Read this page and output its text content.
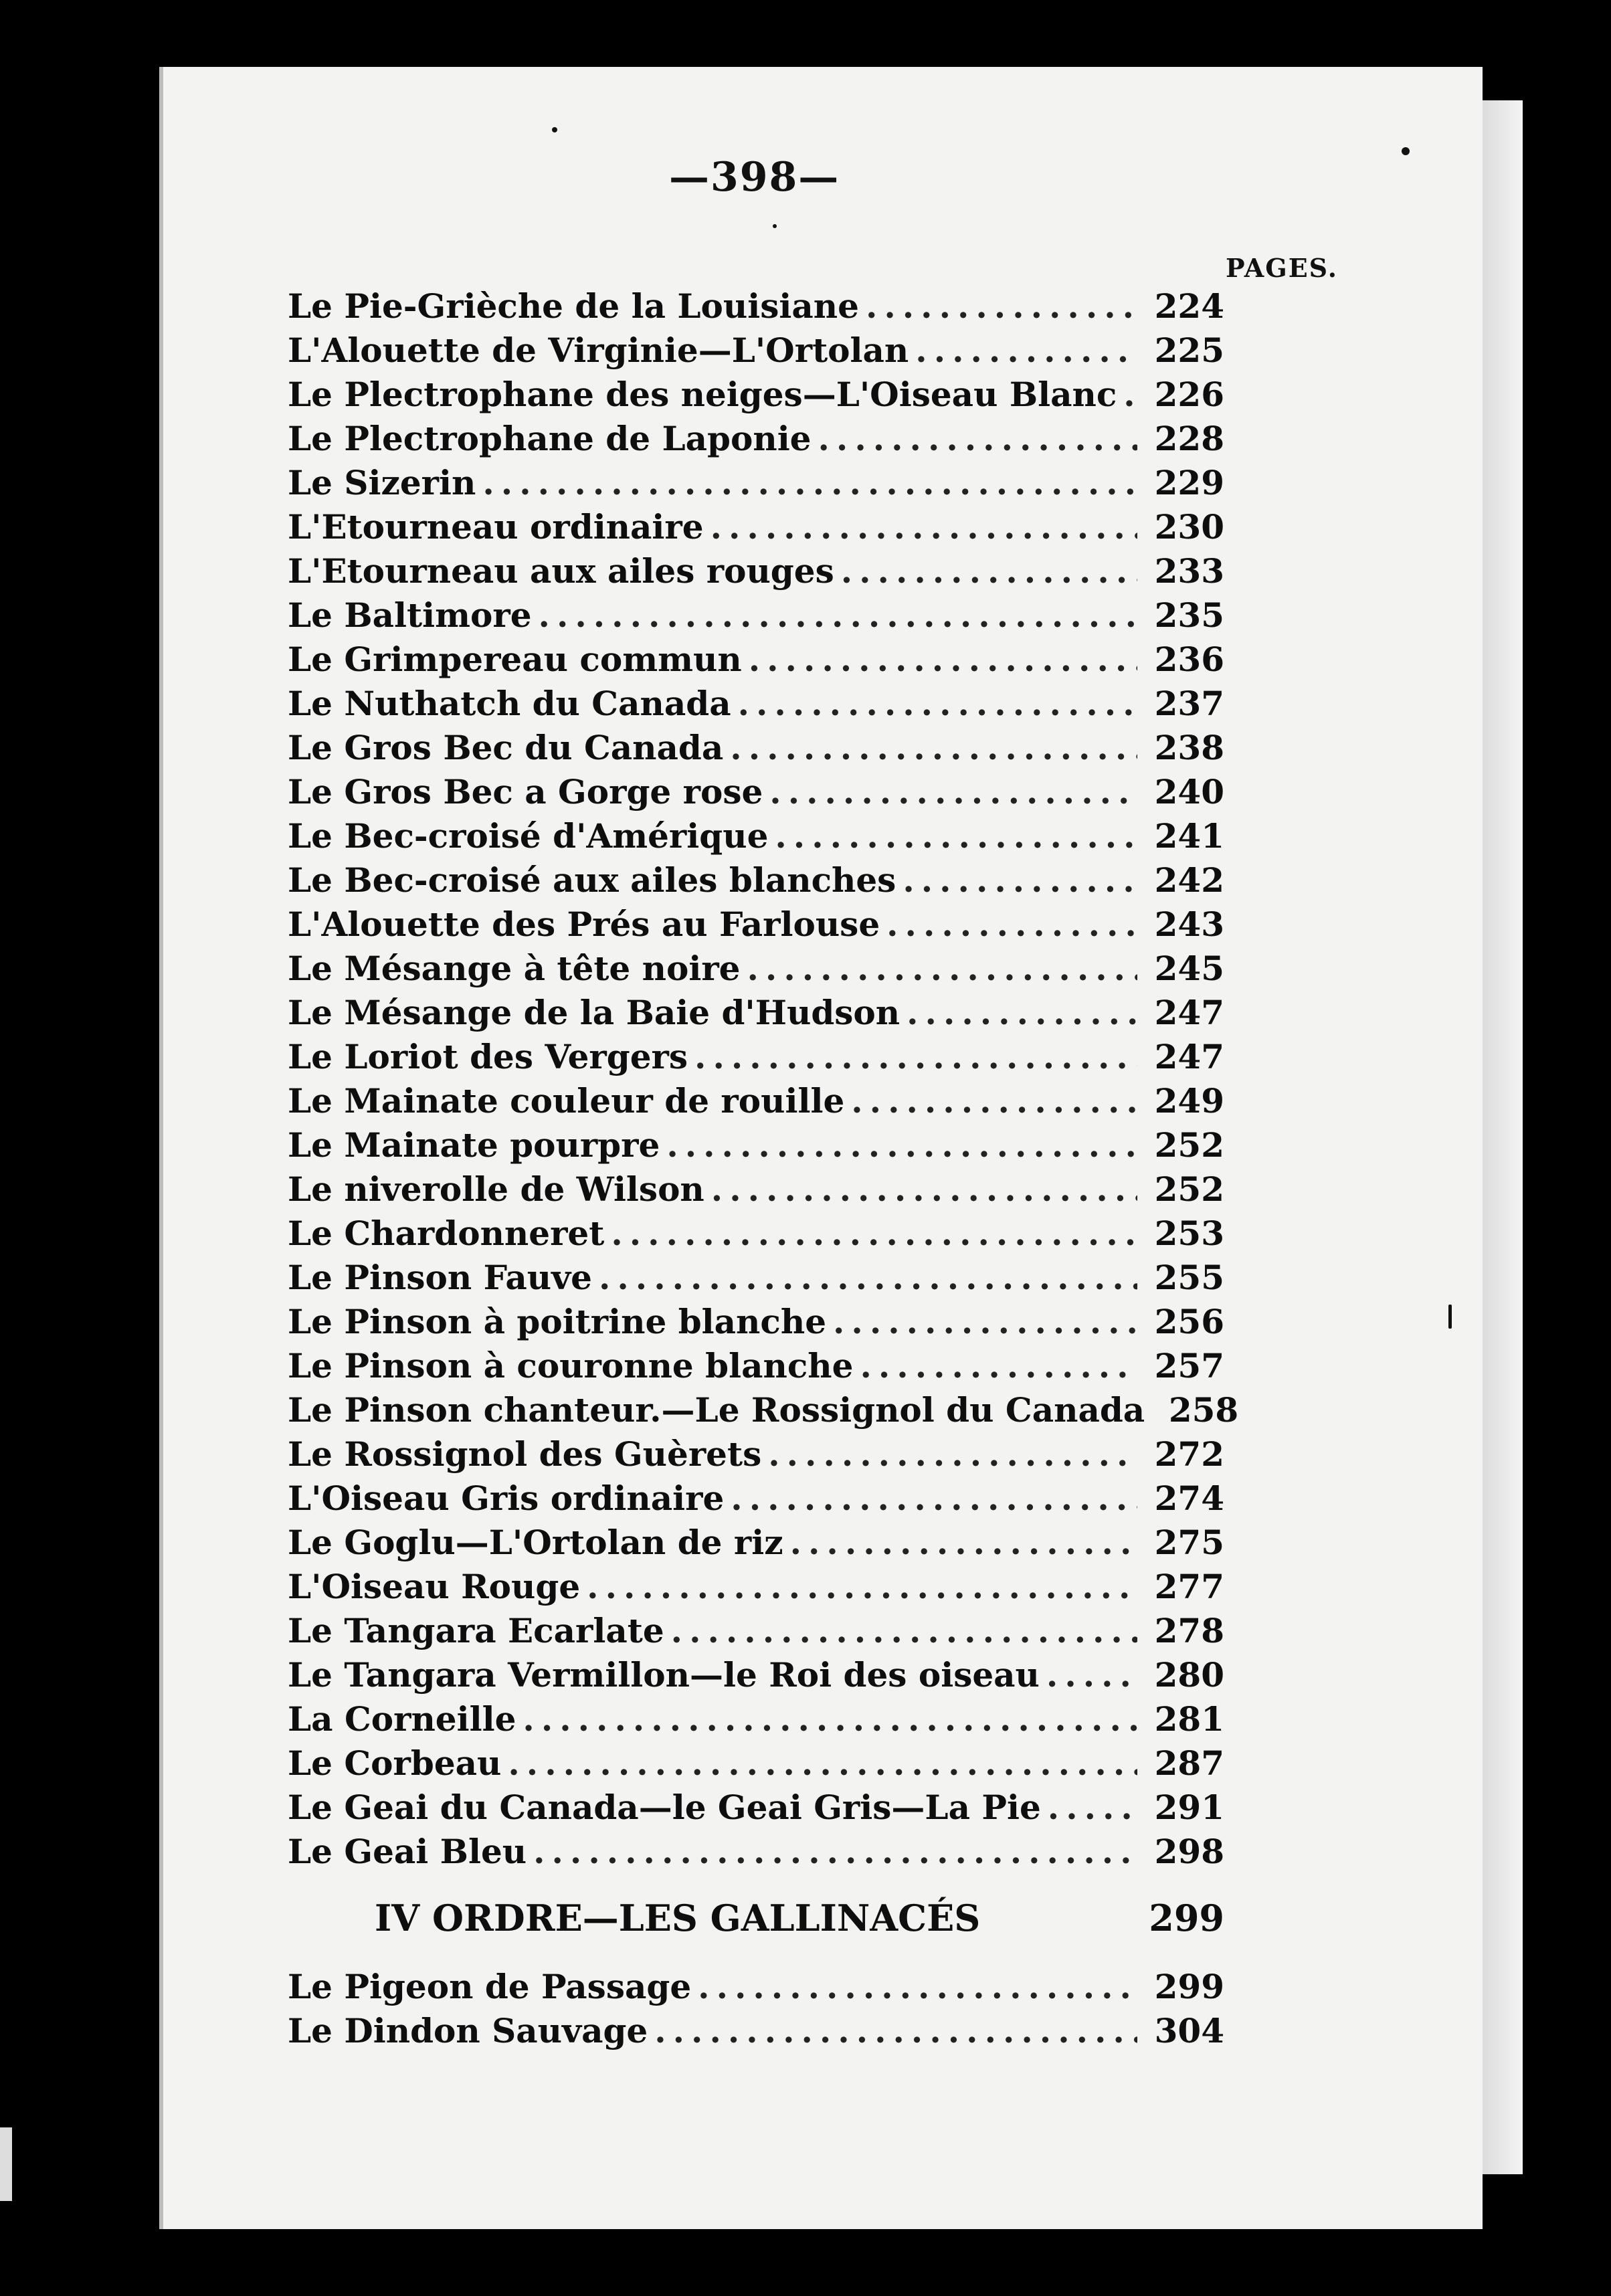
—398—
PAGES.
Le Pie-Grièche de la Louisiane .....	224
L'Alouette de Virginie—L'Ortolan .....	225
Le Plectrophane des neiges—L'Oiseau Blanc .....	226
Le Plectrophane de Laponie .....	228
Le Sizerin .....	229
L'Etourneau ordinaire .....	230
L'Etourneau aux ailes rouges .....	233
Le Baltimore .....	235
Le Grimpereau commun .....	236
Le Nuthatch du Canada .....	237
Le Gros Bec du Canada .....	238
Le Gros Bec a Gorge rose .....	240
Le Bec-croisé d'Amérique .....	241
Le Bec-croisé aux ailes blanches .....	242
L'Alouette des Prés au Farlouse .....	243
Le Mésange à tête noire .....	245
Le Mésange de la Baie d'Hudson .....	247
Le Loriot des Vergers .....	247
Le Mainate couleur de rouille .....	249
Le Mainate pourpre .....	252
Le niverolle de Wilson .....	252
Le Chardonneret .....	253
Le Pinson Fauve .....	255
Le Pinson à poitrine blanche .....	256
Le Pinson à couronne blanche .....	257
Le Pinson chanteur.—Le Rossignol du Canada 258
Le Rossignol des Guèrets .....	272
L'Oiseau Gris ordinaire .....	274
Le Goglu—L'Ortolan de riz .....	275
L'Oiseau Rouge .....	277
Le Tangara Ecarlate .....	278
Le Tangara Vermillon—le Roi des oiseau .....	280
La Corneille .....	281
Le Corbeau .....	287
Le Geai du Canada—le Geai Gris—La Pie .....	291
Le Geai Bleu .....	298
IV ORDRE—LES GALLINACÉS	299
Le Pigeon de Passage .....	299
Le Dindon Sauvage .....	304
